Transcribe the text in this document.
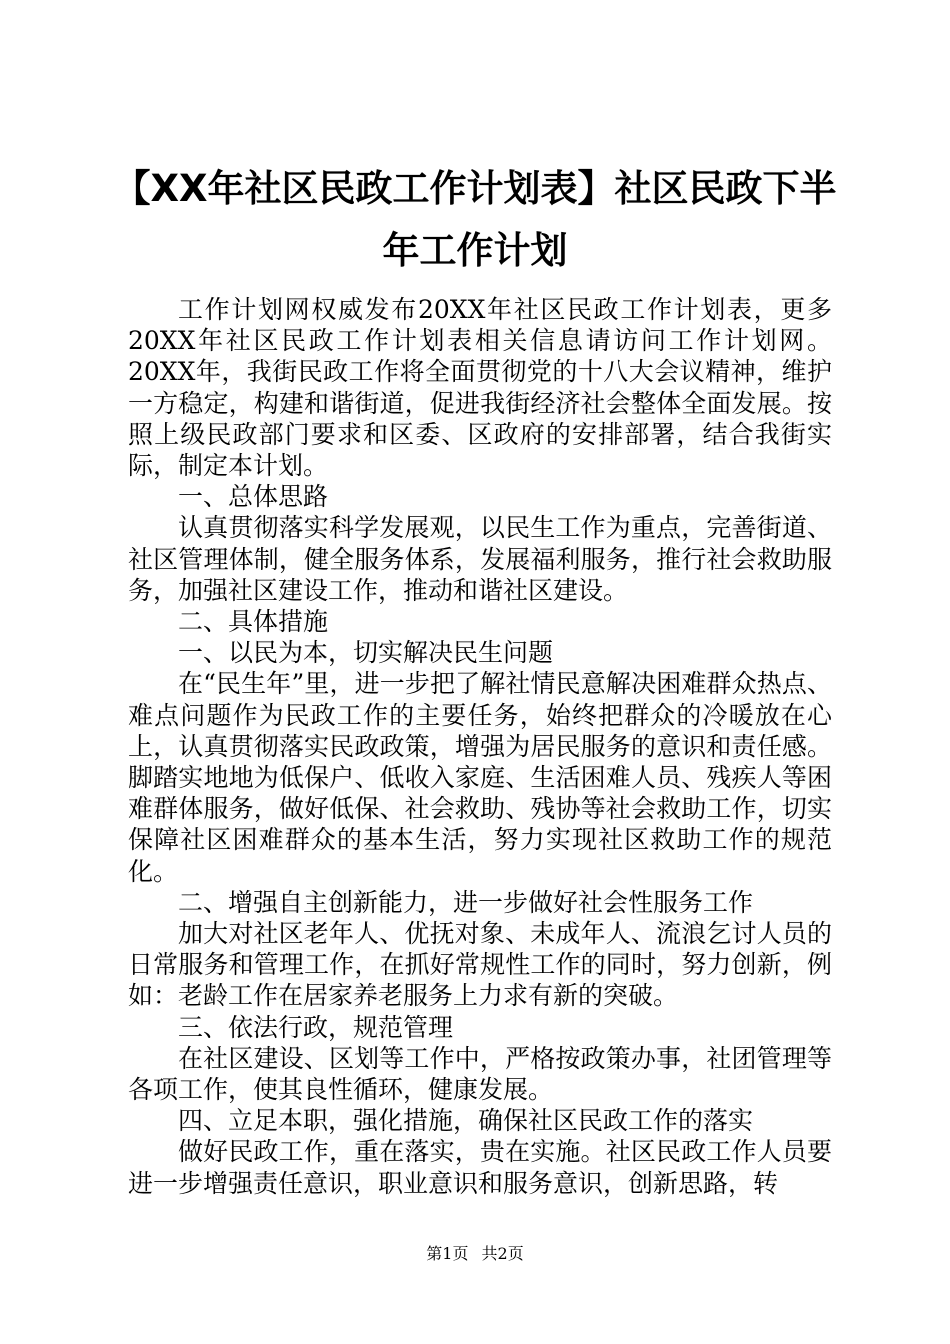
【XX年社区民政工作计划表】社区民政下半
年工作计划

工作计划网权威发布20XX年社区民政工作计划表，更多20XX年社区民政工作计划表相关信息请访问工作计划网。20XX年，我街民政工作将全面贯彻党的十八大会议精神，维护一方稳定，构建和谐街道，促进我街经济社会整体全面发展。按照上级民政部门要求和区委、区政府的安排部署，结合我街实际，制定本计划。

一、总体思路

认真贯彻落实科学发展观，以民生工作为重点，完善街道、社区管理体制，健全服务体系，发展福利服务，推行社会救助服务，加强社区建设工作，推动和谐社区建设。

二、具体措施

一、以民为本，切实解决民生问题

在“民生年”里，进一步把了解社情民意解决困难群众热点、难点问题作为民政工作的主要任务，始终把群众的冷暖放在心上，认真贯彻落实民政政策，增强为居民服务的意识和责任感。脚踏实地地为低保户、低收入家庭、生活困难人员、残疾人等困难群体服务，做好低保、社会救助、残协等社会救助工作，切实保障社区困难群众的基本生活，努力实现社区救助工作的规范化。

二、增强自主创新能力，进一步做好社会性服务工作

加大对社区老年人、优抚对象、未成年人、流浪乞讨人员的日常服务和管理工作，在抓好常规性工作的同时，努力创新，例如：老龄工作在居家养老服务上力求有新的突破。

三、依法行政，规范管理

在社区建设、区划等工作中，严格按政策办事，社团管理等各项工作，使其良性循环，健康发展。

四、立足本职，强化措施，确保社区民政工作的落实

做好民政工作，重在落实，贵在实施。社区民政工作人员要进一步增强责任意识，职业意识和服务意识，创新思路，转

第1页 共2页
